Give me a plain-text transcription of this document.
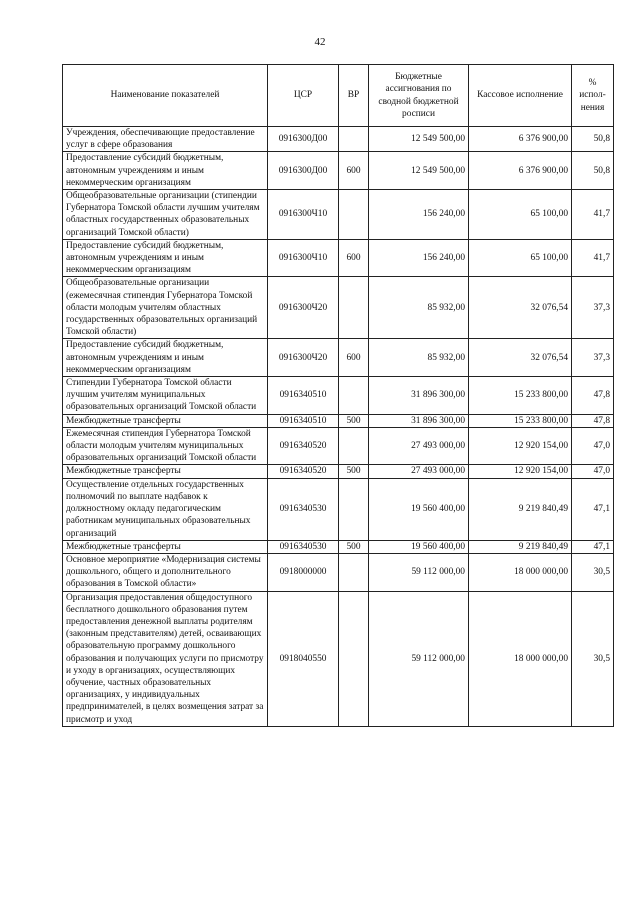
42
Наименование показателей	ЦСР	ВР	Бюджетные ассигнования по сводной бюджетной росписи	Кассовое исполнение	% испол-нения
Учреждения, обеспечивающие предоставление услуг в сфере образования	0916300Д00		12 549 500,00	6 376 900,00	50,8
Предоставление субсидий бюджетным, автономным учреждениям и иным некоммерческим организациям	0916300Д00	600	12 549 500,00	6 376 900,00	50,8
Общеобразовательные организации (стипендии Губернатора Томской области лучшим учителям областных государственных образовательных организаций Томской области)	0916300Ч10		156 240,00	65 100,00	41,7
Предоставление субсидий бюджетным, автономным учреждениям и иным некоммерческим организациям	0916300Ч10	600	156 240,00	65 100,00	41,7
Общеобразовательные организации (ежемесячная стипендия Губернатора Томской области молодым учителям областных государственных образовательных организаций Томской области)	0916300Ч20		85 932,00	32 076,54	37,3
Предоставление субсидий бюджетным, автономным учреждениям и иным некоммерческим организациям	0916300Ч20	600	85 932,00	32 076,54	37,3
Стипендии Губернатора Томской области лучшим учителям муниципальных образовательных организаций Томской области	0916340510		31 896 300,00	15 233 800,00	47,8
Межбюджетные трансферты	0916340510	500	31 896 300,00	15 233 800,00	47,8
Ежемесячная стипендия Губернатора Томской области молодым учителям муниципальных образовательных организаций Томской области	0916340520		27 493 000,00	12 920 154,00	47,0
Межбюджетные трансферты	0916340520	500	27 493 000,00	12 920 154,00	47,0
Осуществление отдельных государственных полномочий по выплате надбавок к должностному окладу педагогическим работникам муниципальных образовательных организаций	0916340530		19 560 400,00	9 219 840,49	47,1
Межбюджетные трансферты	0916340530	500	19 560 400,00	9 219 840,49	47,1
Основное мероприятие «Модернизация системы дошкольного, общего и дополнительного образования в Томской области»	0918000000		59 112 000,00	18 000 000,00	30,5
Организация предоставления общедоступного бесплатного дошкольного образования путем предоставления денежной выплаты родителям (законным представителям) детей, осваивающих образовательную программу дошкольного образования и получающих услуги по присмотру и уходу в организациях, осуществляющих обучение, частных образовательных организациях, у индивидуальных предпринимателей, в целях возмещения затрат за присмотр и уход	0918040550		59 112 000,00	18 000 000,00	30,5
